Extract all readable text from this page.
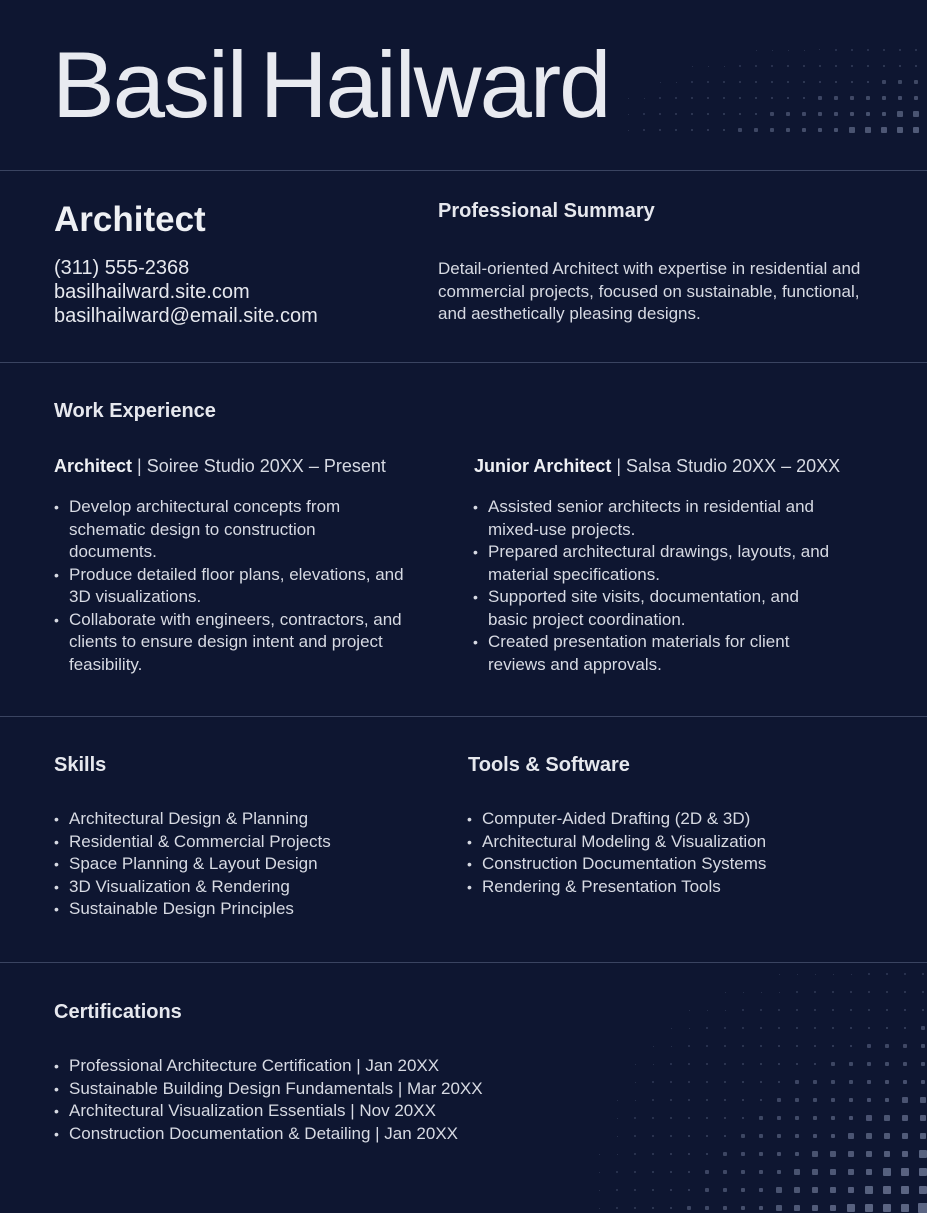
Basil Hailward
Architect
(311) 555-2368
basilhailward.site.com
basilhailward@email.site.com
Professional Summary
Detail-oriented Architect with expertise in residential and commercial projects, focused on sustainable, functional, and aesthetically pleasing designs.
Work Experience
Architect | Soiree Studio 20XX – Present
• Develop architectural concepts from schematic design to construction documents.
• Produce detailed floor plans, elevations, and 3D visualizations.
• Collaborate with engineers, contractors, and clients to ensure design intent and project feasibility.
Junior Architect | Salsa Studio 20XX – 20XX
• Assisted senior architects in residential and mixed-use projects.
• Prepared architectural drawings, layouts, and material specifications.
• Supported site visits, documentation, and basic project coordination.
• Created presentation materials for client reviews and approvals.
Skills
• Architectural Design & Planning
• Residential & Commercial Projects
• Space Planning & Layout Design
• 3D Visualization & Rendering
• Sustainable Design Principles
Tools & Software
• Computer-Aided Drafting (2D & 3D)
• Architectural Modeling & Visualization
• Construction Documentation Systems
• Rendering & Presentation Tools
Certifications
• Professional Architecture Certification | Jan 20XX
• Sustainable Building Design Fundamentals | Mar 20XX
• Architectural Visualization Essentials | Nov 20XX
• Construction Documentation & Detailing | Jan 20XX
